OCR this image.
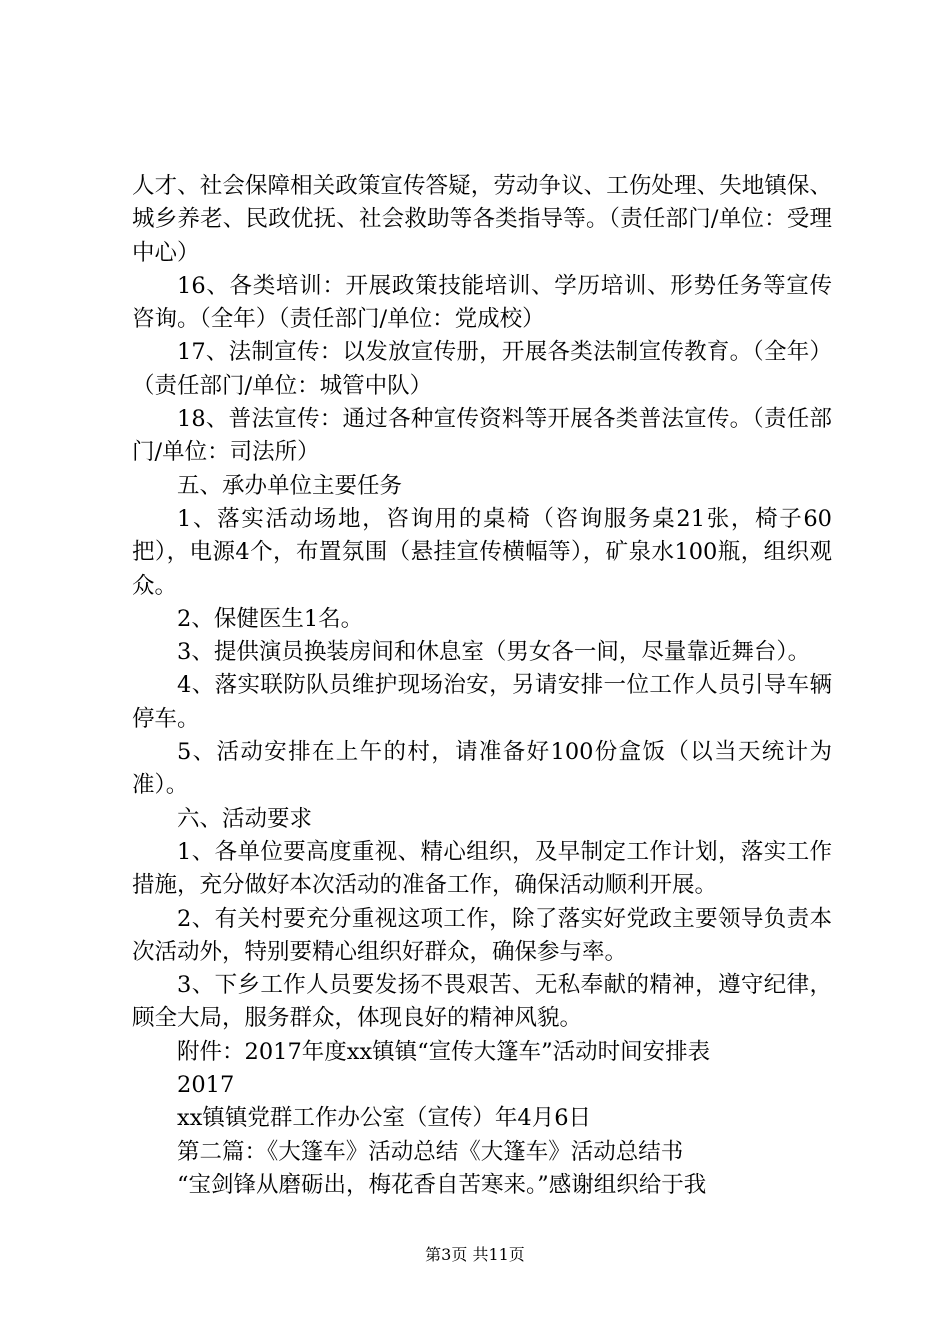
人才、社会保障相关政策宣传答疑，劳动争议、工伤处理、失地镇保、城乡养老、民政优抚、社会救助等各类指导等。（责任部门/单位：受理中心）

16、各类培训：开展政策技能培训、学历培训、形势任务等宣传咨询。（全年）（责任部门/单位：党成校）

17、法制宣传：以发放宣传册，开展各类法制宣传教育。（全年）（责任部门/单位：城管中队）

18、普法宣传：通过各种宣传资料等开展各类普法宣传。（责任部门/单位：司法所）

五、承办单位主要任务

1、落实活动场地，咨询用的桌椅（咨询服务桌21张，椅子60把），电源4个，布置氛围（悬挂宣传横幅等），矿泉水100瓶，组织观众。

2、保健医生1名。

3、提供演员换装房间和休息室（男女各一间，尽量靠近舞台）。

4、落实联防队员维护现场治安，另请安排一位工作人员引导车辆停车。

5、活动安排在上午的村，请准备好100份盒饭（以当天统计为准）。

六、活动要求

1、各单位要高度重视、精心组织，及早制定工作计划，落实工作措施，充分做好本次活动的准备工作，确保活动顺利开展。

2、有关村要充分重视这项工作，除了落实好党政主要领导负责本次活动外，特别要精心组织好群众，确保参与率。

3、下乡工作人员要发扬不畏艰苦、无私奉献的精神，遵守纪律，顾全大局，服务群众，体现良好的精神风貌。

附件：2017年度xx镇镇“宣传大篷车”活动时间安排表

2017

xx镇镇党群工作办公室（宣传）年4月6日

第二篇：《大篷车》活动总结《大篷车》活动总结书

“宝剑锋从磨砺出，梅花香自苦寒来。”感谢组织给于我

第3页 共11页
